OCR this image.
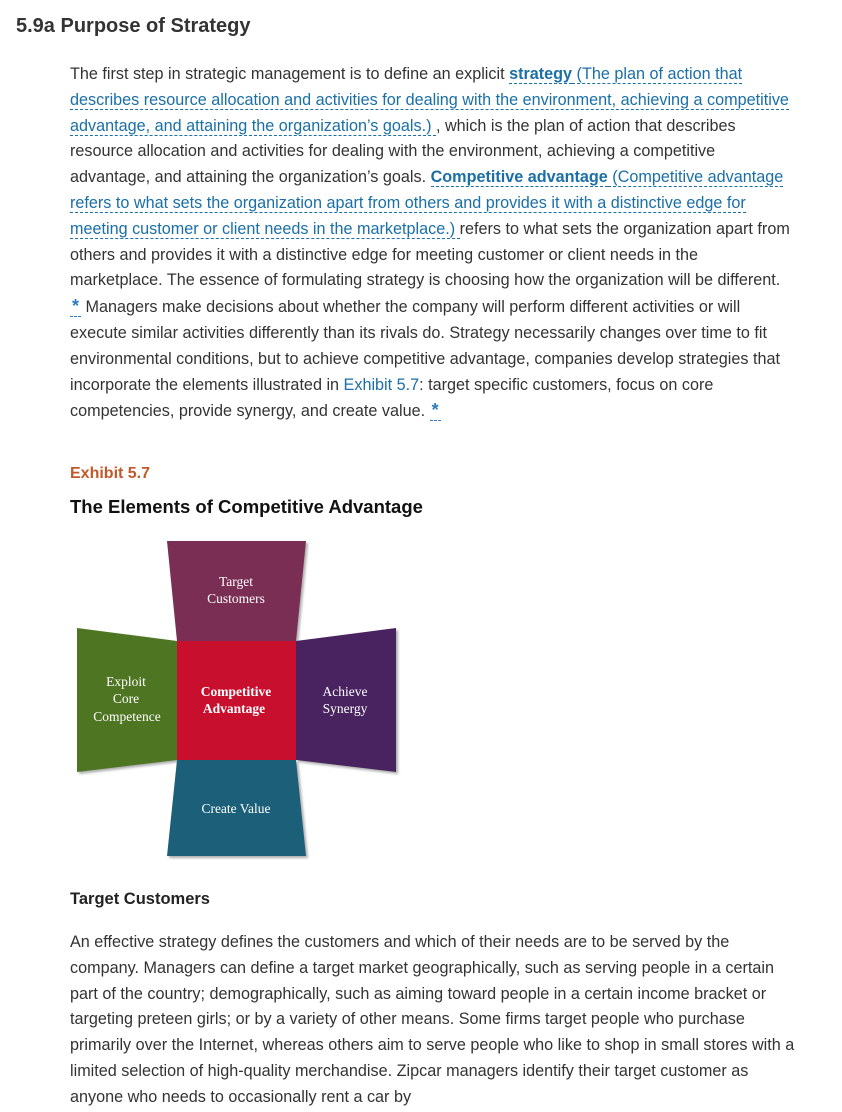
5.9a Purpose of Strategy

The first step in strategic management is to define an explicit strategy (The plan of action that describes resource allocation and activities for dealing with the environment, achieving a competitive advantage, and attaining the organization’s goals.) , which is the plan of action that describes resource allocation and activities for dealing with the environment, achieving a competitive advantage, and attaining the organization’s goals. Competitive advantage (Competitive advantage refers to what sets the organization apart from others and provides it with a distinctive edge for meeting customer or client needs in the marketplace.) refers to what sets the organization apart from others and provides it with a distinctive edge for meeting customer or client needs in the marketplace. The essence of formulating strategy is choosing how the organization will be different. * Managers make decisions about whether the company will perform different activities or will execute similar activities differently than its rivals do. Strategy necessarily changes over time to fit environmental conditions, but to achieve competitive advantage, companies develop strategies that incorporate the elements illustrated in Exhibit 5.7: target specific customers, focus on core competencies, provide synergy, and create value. *

Exhibit 5.7
The Elements of Competitive Advantage
Target
Customers
Exploit
Core
Competence
Competitive
Advantage
Achieve
Synergy
Create Value
Target Customers

An effective strategy defines the customers and which of their needs are to be served by the company. Managers can define a target market geographically, such as serving people in a certain part of the country; demographically, such as aiming toward people in a certain income bracket or targeting preteen girls; or by a variety of other means. Some firms target people who purchase primarily over the Internet, whereas others aim to serve people who like to shop in small stores with a limited selection of high-quality merchandise. Zipcar managers identify their target customer as anyone who needs to occasionally rent a car by
